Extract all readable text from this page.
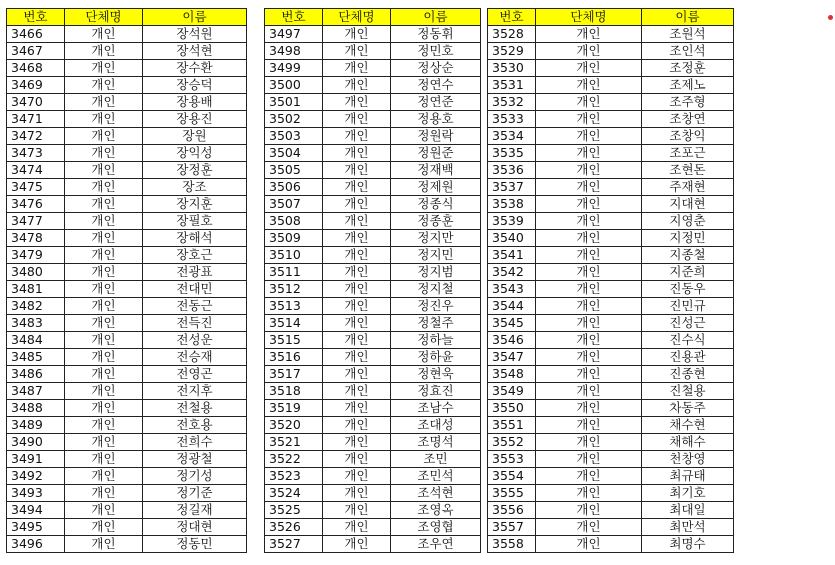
번호	단체명	이름
3466	개인	장석원
3467	개인	장석현
3468	개인	장수환
3469	개인	장승덕
3470	개인	장용배
3471	개인	장용진
3472	개인	장원
3473	개인	장익성
3474	개인	장정훈
3475	개인	장조
3476	개인	장지훈
3477	개인	장필호
3478	개인	장해석
3479	개인	장호근
3480	개인	전광표
3481	개인	전대민
3482	개인	전동근
3483	개인	전득진
3484	개인	전성운
3485	개인	전승재
3486	개인	전영곤
3487	개인	전지후
3488	개인	전철용
3489	개인	전호용
3490	개인	전희수
3491	개인	정광철
3492	개인	정기성
3493	개인	정기준
3494	개인	정길재
3495	개인	정대현
3496	개인	정동민
번호	단체명	이름
3497	개인	정동휘
3498	개인	정민호
3499	개인	정상순
3500	개인	정연수
3501	개인	정연준
3502	개인	정용호
3503	개인	정원락
3504	개인	정원준
3505	개인	정재백
3506	개인	정제원
3507	개인	정종식
3508	개인	정종훈
3509	개인	정지만
3510	개인	정지민
3511	개인	정지범
3512	개인	정지철
3513	개인	정진우
3514	개인	정철주
3515	개인	정하늘
3516	개인	정하윤
3517	개인	정현욱
3518	개인	정효진
3519	개인	조남수
3520	개인	조대성
3521	개인	조명석
3522	개인	조민
3523	개인	조민석
3524	개인	조석현
3525	개인	조영옥
3526	개인	조영협
3527	개인	조우연
번호	단체명	이름
3528	개인	조원석
3529	개인	조인석
3530	개인	조정훈
3531	개인	조제노
3532	개인	조주형
3533	개인	조창연
3534	개인	조창익
3535	개인	조포근
3536	개인	조현돈
3537	개인	주재현
3538	개인	지대현
3539	개인	지영춘
3540	개인	지정민
3541	개인	지종철
3542	개인	지준희
3543	개인	진동우
3544	개인	진민규
3545	개인	진성근
3546	개인	진수식
3547	개인	진용관
3548	개인	진종현
3549	개인	진철용
3550	개인	차동주
3551	개인	채수현
3552	개인	채해수
3553	개인	천창영
3554	개인	최규태
3555	개인	최기호
3556	개인	최대일
3557	개인	최만석
3558	개인	최명수
